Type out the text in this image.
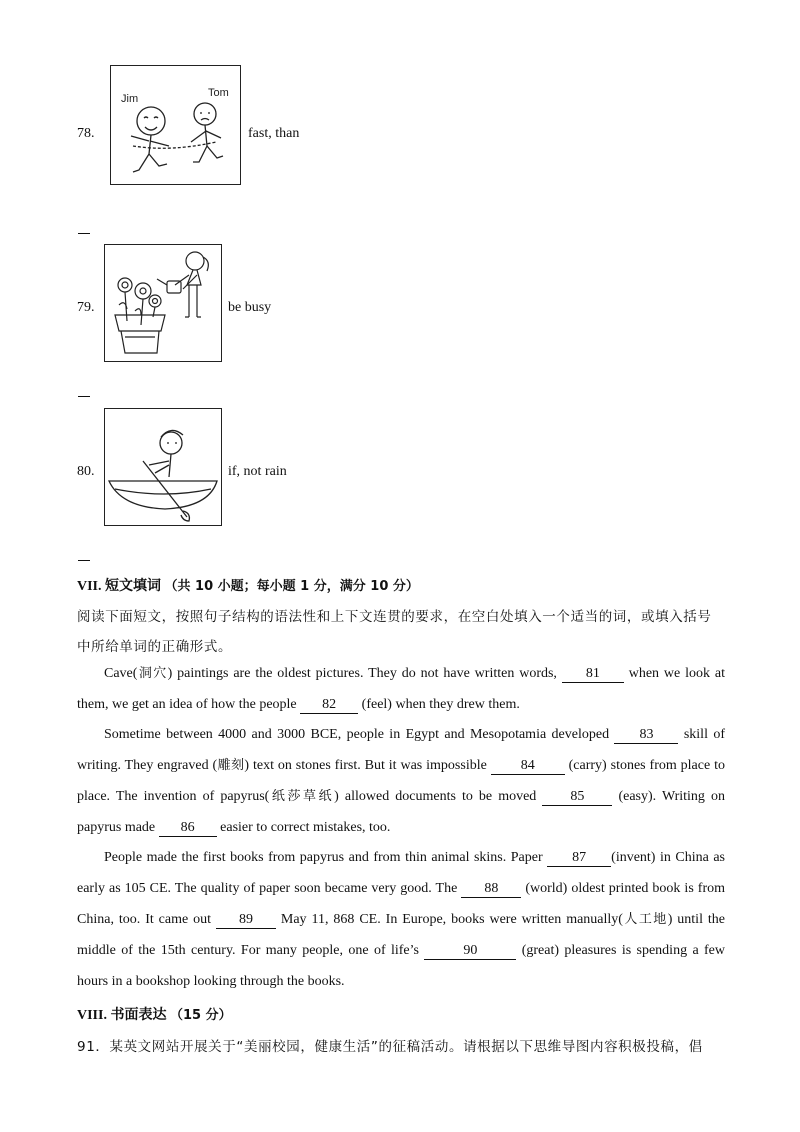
78.
Jim	Tom
fast, than
79.	be busy
80.	if, not rain
VII. 短文填词 （共 10 小题；每小题 1 分，满分 10 分）
阅读下面短文，按照句子结构的语法性和上下文连贯的要求，在空白处填入一个适当的词，或填入括号
中所给单词的正确形式。
Cave(洞穴) paintings are the oldest pictures. They do not have written words, 81 when we look at them, we get an idea of how the people 82 (feel) when they drew them.
Sometime between 4000 and 3000 BCE, people in Egypt and Mesopotamia developed 83 skill of writing. They engraved (雕刻) text on stones first. But it was impossible 84 (carry) stones from place to place. The invention of papyrus(纸莎草纸) allowed documents to be moved 85 (easy). Writing on papyrus made 86 easier to correct mistakes, too.
People made the first books from papyrus and from thin animal skins. Paper 87 (invent) in China as early as 105 CE. The quality of paper soon became very good. The 88 (world) oldest printed book is from China, too. It came out 89 May 11, 868 CE. In Europe, books were written manually(人工地) until the middle of the 15th century. For many people, one of life’s	90	(great) pleasures is spending a few hours in a bookshop looking through the books.
VIII. 书面表达 （15 分）
91．某英文网站开展关于“美丽校园，健康生活”的征稿活动。请根据以下思维导图内容积极投稿，倡
